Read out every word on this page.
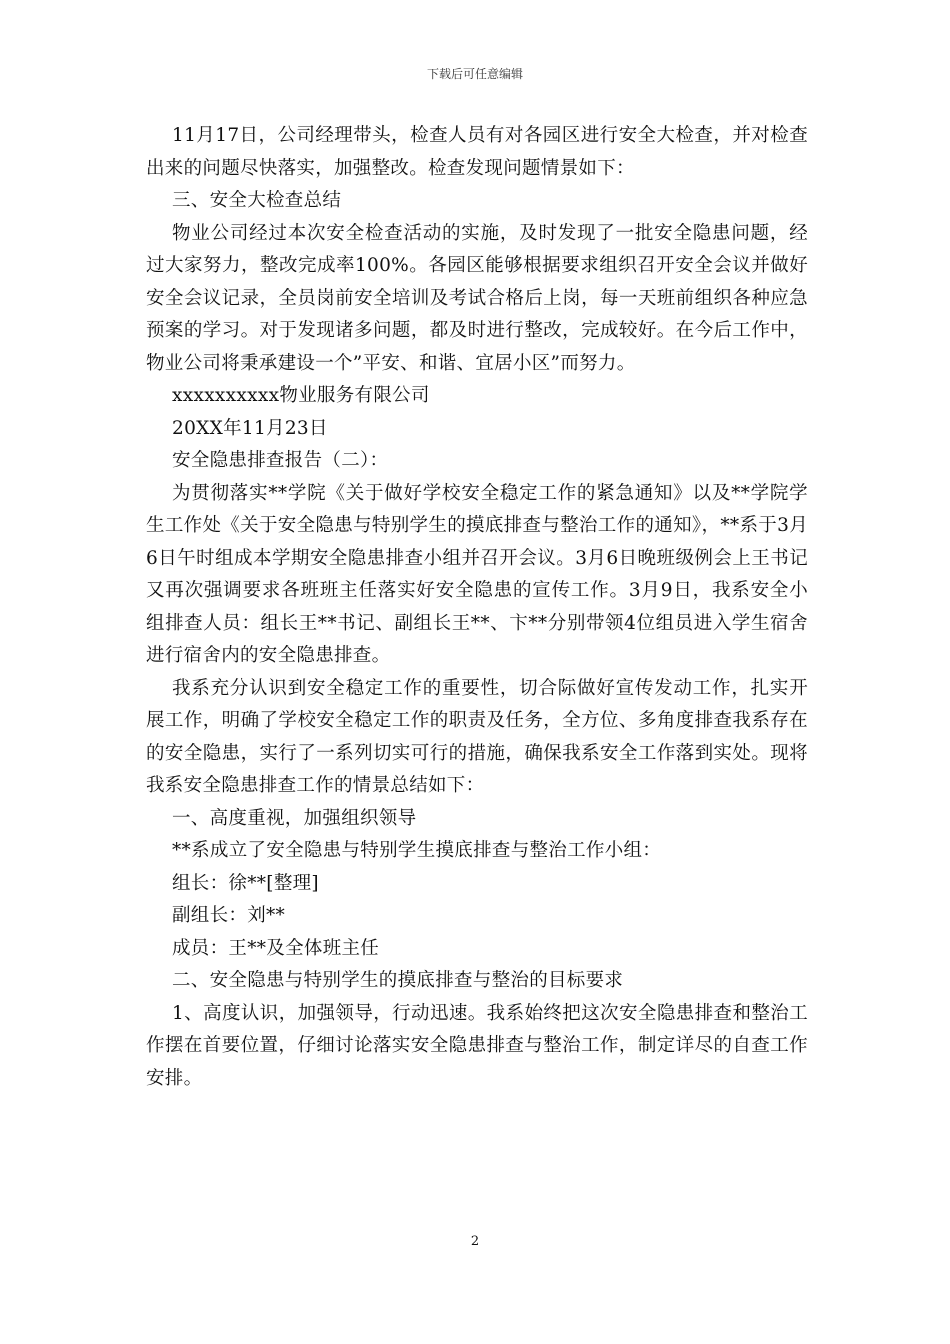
下载后可任意编辑

11月17日，公司经理带头，检查人员有对各园区进行安全大检查，并对检查出来的问题尽快落实，加强整改。检查发现问题情景如下：

三、安全大检查总结

物业公司经过本次安全检查活动的实施，及时发现了一批安全隐患问题，经过大家努力，整改完成率100%。各园区能够根据要求组织召开安全会议并做好安全会议记录，全员岗前安全培训及考试合格后上岗，每一天班前组织各种应急预案的学习。对于发现诸多问题，都及时进行整改，完成较好。在今后工作中，物业公司将秉承建设一个”平安、和谐、宜居小区”而努力。

xxxxxxxxxx物业服务有限公司

20XX年11月23日

安全隐患排查报告（二）：

为贯彻落实**学院《关于做好学校安全稳定工作的紧急通知》以及**学院学生工作处《关于安全隐患与特别学生的摸底排查与整治工作的通知》，**系于3月6日午时组成本学期安全隐患排查小组并召开会议。3月6日晚班级例会上王书记又再次强调要求各班班主任落实好安全隐患的宣传工作。3月9日，我系安全小组排查人员：组长王**书记、副组长王**、卞**分别带领4位组员进入学生宿舍进行宿舍内的安全隐患排查。

我系充分认识到安全稳定工作的重要性，切合际做好宣传发动工作，扎实开展工作，明确了学校安全稳定工作的职责及任务，全方位、多角度排查我系存在的安全隐患，实行了一系列切实可行的措施，确保我系安全工作落到实处。现将我系安全隐患排查工作的情景总结如下：

一、高度重视，加强组织领导

**系成立了安全隐患与特别学生摸底排查与整治工作小组：

组长：徐**[整理]

副组长：刘**

成员：王**及全体班主任

二、安全隐患与特别学生的摸底排查与整治的目标要求

1、高度认识，加强领导，行动迅速。我系始终把这次安全隐患排查和整治工作摆在首要位置，仔细讨论落实安全隐患排查与整治工作，制定详尽的自查工作安排。

2
